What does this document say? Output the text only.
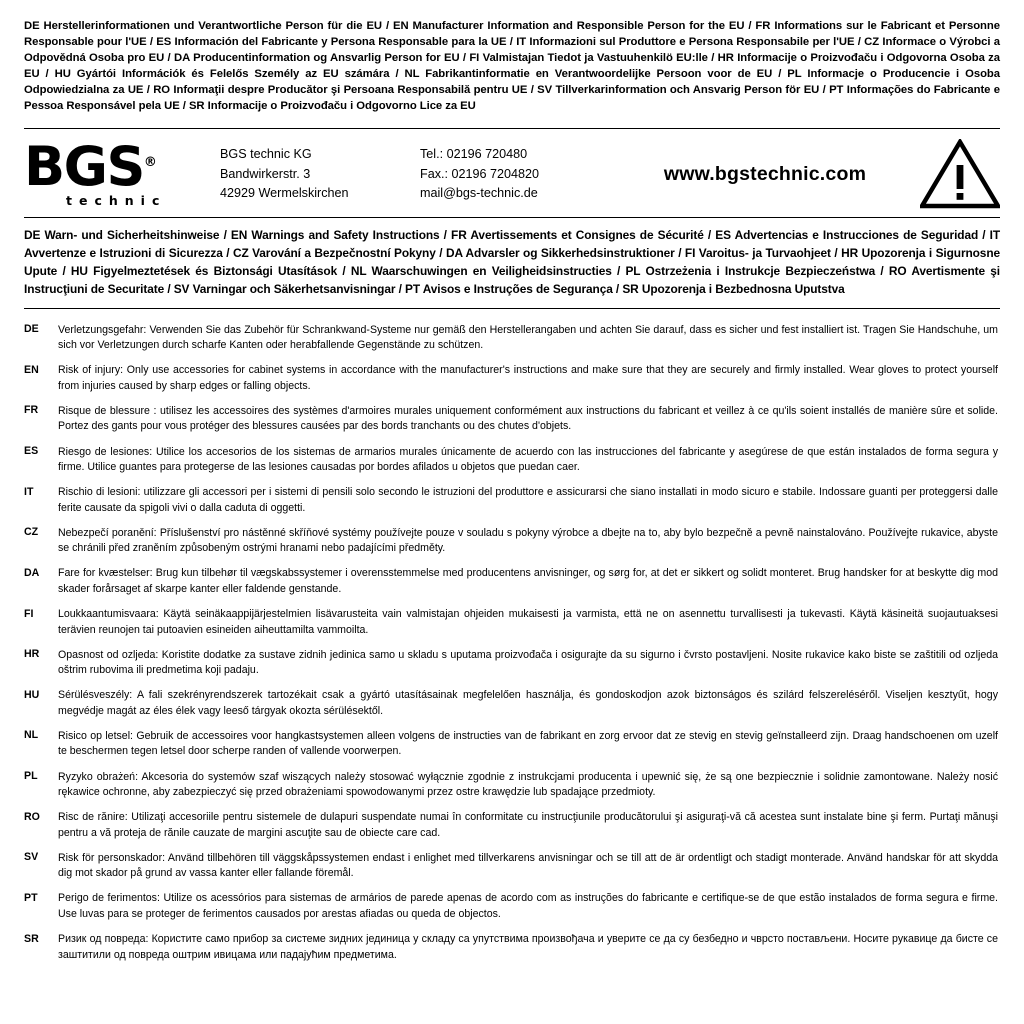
DE Herstellerinformationen und Verantwortliche Person für die EU / EN Manufacturer Information and Responsible Person for the EU / FR Informations sur le Fabricant et Personne Responsable pour l'UE / ES Información del Fabricante y Persona Responsable para la UE / IT Informazioni sul Produttore e Persona Responsabile per l'UE / CZ Informace o Výrobci a Odpovědná Osoba pro EU / DA Producentinformation og Ansvarlig Person for EU / FI Valmistajan Tiedot ja Vastuuhenkilö EU:lle / HR Informacije o Proizvođaču i Odgovorna Osoba za EU / HU Gyártói Információk és Felelős Személy az EU számára / NL Fabrikantinformatie en Verantwoordelijke Persoon voor de EU / PL Informacje o Producencie i Osoba Odpowiedzialna za UE / RO Informaţii despre Producător şi Persoana Responsabilă pentru UE / SV Tillverkarinformation och Ansvarig Person för EU / PT Informações do Fabricante e Pessoa Responsável pela UE / SR Informacije o Proizvođaču i Odgovorno Lice za EU
BGS®
technic
BGS technic KG
Bandwirkerstr. 3
42929 Wermelskirchen
Tel.: 02196 720480
Fax.: 02196 7204820
mail@bgs-technic.de
www.bgstechnic.com
DE Warn- und Sicherheitshinweise / EN Warnings and Safety Instructions / FR Avertissements et Consignes de Sécurité / ES Advertencias e Instrucciones de Seguridad / IT Avvertenze e Istruzioni di Sicurezza / CZ Varování a Bezpečnostní Pokyny / DA Advarsler og Sikkerhedsinstruktioner / FI Varoitus- ja Turvaohjeet / HR Upozorenja i Sigurnosne Upute / HU Figyelmeztetések és Biztonsági Utasítások / NL Waarschuwingen en Veiligheidsinstructies / PL Ostrzeżenia i Instrukcje Bezpieczeństwa / RO Avertismente şi Instrucţiuni de Securitate / SV Varningar och Säkerhetsanvisningar / PT Avisos e Instruções de Segurança / SR Upozorenja i Bezbednosna Uputstva
DE	Verletzungsgefahr: Verwenden Sie das Zubehör für Schrankwand-Systeme nur gemäß den Herstellerangaben und achten Sie darauf, dass es sicher und fest installiert ist. Tragen Sie Handschuhe, um sich vor Verletzungen durch scharfe Kanten oder herabfallende Gegenstände zu schützen.
EN	Risk of injury: Only use accessories for cabinet systems in accordance with the manufacturer's instructions and make sure that they are securely and firmly installed. Wear gloves to protect yourself from injuries caused by sharp edges or falling objects.
FR	Risque de blessure : utilisez les accessoires des systèmes d'armoires murales uniquement conformément aux instructions du fabricant et veillez à ce qu'ils soient installés de manière sûre et solide. Portez des gants pour vous protéger des blessures causées par des bords tranchants ou des chutes d'objets.
ES	Riesgo de lesiones: Utilice los accesorios de los sistemas de armarios murales únicamente de acuerdo con las instrucciones del fabricante y asegúrese de que están instalados de forma segura y firme. Utilice guantes para protegerse de las lesiones causadas por bordes afilados u objetos que puedan caer.
IT	Rischio di lesioni: utilizzare gli accessori per i sistemi di pensili solo secondo le istruzioni del produttore e assicurarsi che siano installati in modo sicuro e stabile. Indossare guanti per proteggersi dalle ferite causate da spigoli vivi o dalla caduta di oggetti.
CZ	Nebezpečí poranění: Příslušenství pro nástěnné skříňové systémy používejte pouze v souladu s pokyny výrobce a dbejte na to, aby bylo bezpečně a pevně nainstalováno. Používejte rukavice, abyste se chránili před zraněním způsobeným ostrými hranami nebo padajícími předměty.
DA	Fare for kvæstelser: Brug kun tilbehør til vægskabssystemer i overensstemmelse med producentens anvisninger, og sørg for, at det er sikkert og solidt monteret. Brug handsker for at beskytte dig mod skader forårsaget af skarpe kanter eller faldende genstande.
FI	Loukkaantumisvaara: Käytä seinäkaappijärjestelmien lisävarusteita vain valmistajan ohjeiden mukaisesti ja varmista, että ne on asennettu turvallisesti ja tukevasti. Käytä käsineitä suojautuaksesi terävien reunojen tai putoavien esineiden aiheuttamilta vammoilta.
HR	Opasnost od ozljeda: Koristite dodatke za sustave zidnih jedinica samo u skladu s uputama proizvođača i osigurajte da su sigurno i čvrsto postavljeni. Nosite rukavice kako biste se zaštitili od ozljeda oštrim rubovima ili predmetima koji padaju.
HU	Sérülésveszély: A fali szekrényrendszerek tartozékait csak a gyártó utasításainak megfelelően használja, és gondoskodjon azok biztonságos és szilárd felszereléséről. Viseljen kesztyűt, hogy megvédje magát az éles élek vagy leeső tárgyak okozta sérülésektől.
NL	Risico op letsel: Gebruik de accessoires voor hangkastsystemen alleen volgens de instructies van de fabrikant en zorg ervoor dat ze stevig en stevig geïnstalleerd zijn. Draag handschoenen om uzelf te beschermen tegen letsel door scherpe randen of vallende voorwerpen.
PL	Ryzyko obrażeń: Akcesoria do systemów szaf wiszących należy stosować wyłącznie zgodnie z instrukcjami producenta i upewnić się, że są one bezpiecznie i solidnie zamontowane. Należy nosić rękawice ochronne, aby zabezpieczyć się przed obrażeniami spowodowanymi przez ostre krawędzie lub spadające przedmioty.
RO	Risc de rănire: Utilizaţi accesoriile pentru sistemele de dulapuri suspendate numai în conformitate cu instrucţiunile producătorului şi asiguraţi-vă că acestea sunt instalate bine şi ferm. Purtaţi mănuşi pentru a vă proteja de rănile cauzate de margini ascuţite sau de obiecte care cad.
SV	Risk för personskador: Använd tillbehören till väggskåpssystemen endast i enlighet med tillverkarens anvisningar och se till att de är ordentligt och stadigt monterade. Använd handskar för att skydda dig mot skador på grund av vassa kanter eller fallande föremål.
PT	Perigo de ferimentos: Utilize os acessórios para sistemas de armários de parede apenas de acordo com as instruções do fabricante e certifique-se de que estão instalados de forma segura e firme. Use luvas para se proteger de ferimentos causados por arestas afiadas ou queda de objectos.
SR	Ризик од повреда: Користите само прибор за системе зидних јединица у складу са упутствима произвођача и уверите се да су безбедно и чврсто постављени. Носите рукавице да бисте се заштитили од повреда оштрим ивицама или падајућим предметима.
